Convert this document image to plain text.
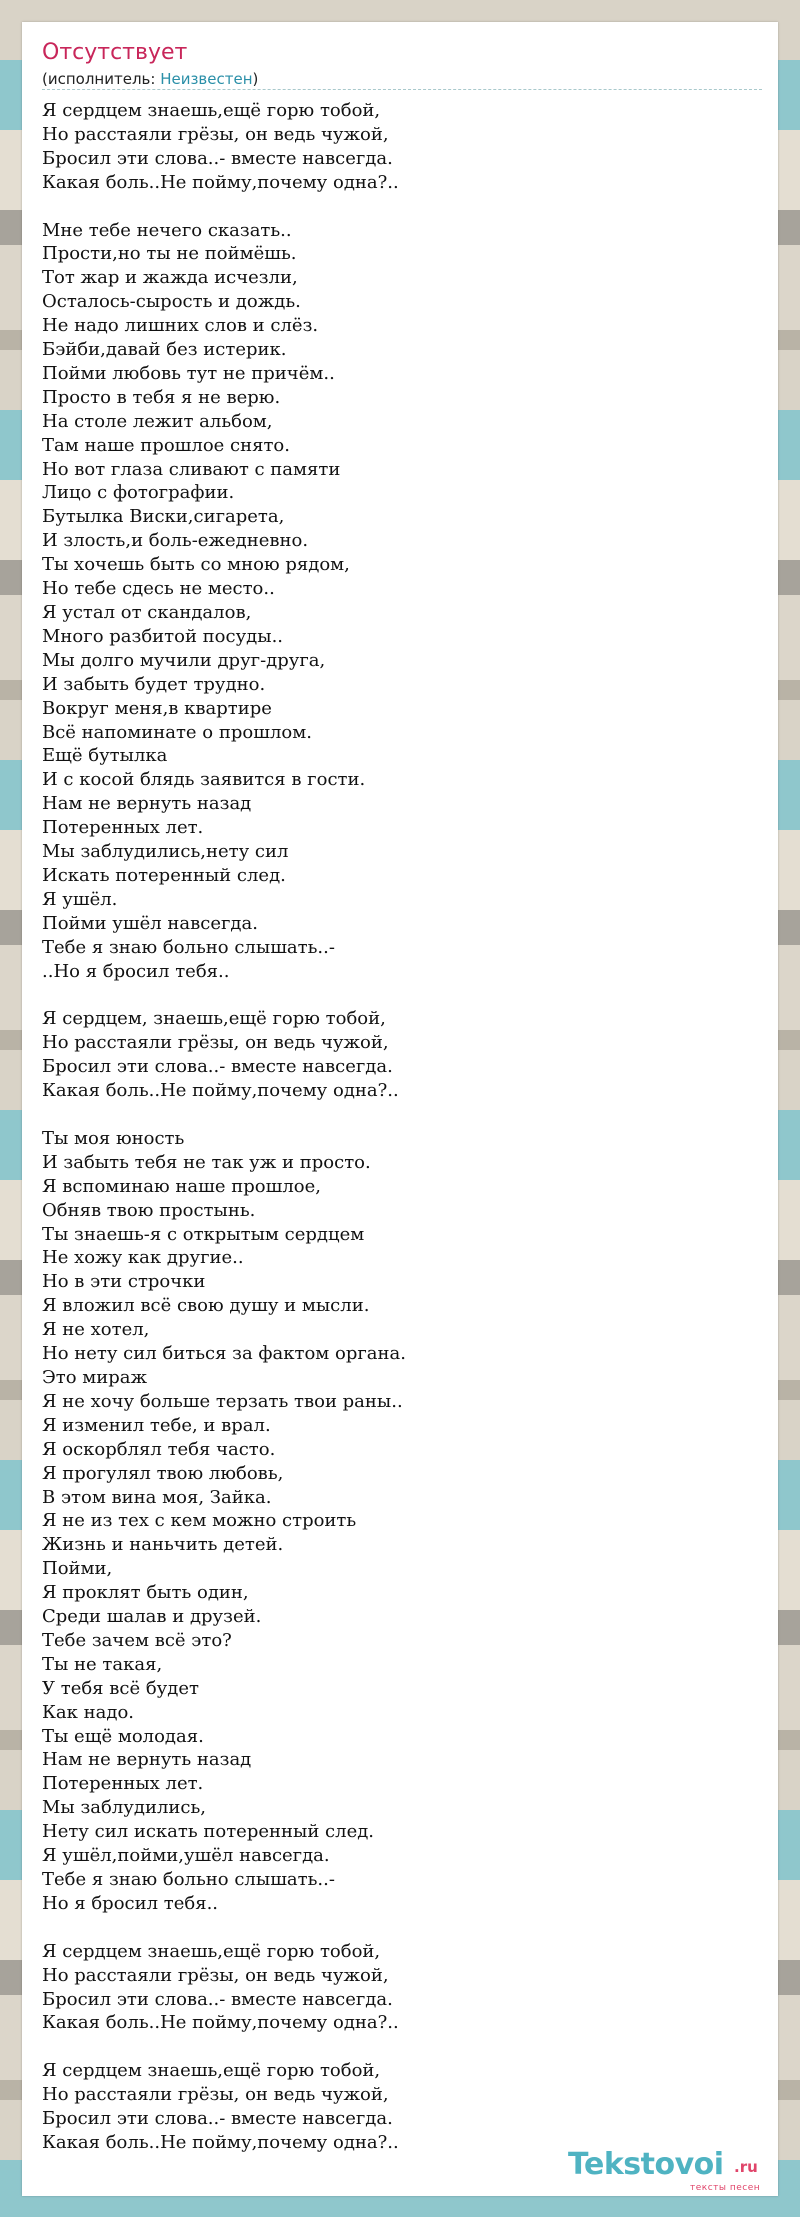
Отсутствует
(исполнитель: Неизвестен)
Я сердцем знаешь,ещё горю тобой,
Но расстаяли грёзы, он ведь чужой,
Бросил эти слова..- вместе навсегда.
Какая боль..Не пойму,почему одна?..
Мне тебе нечего сказать..
Прости,но ты не поймёшь.
Тот жар и жажда исчезли,
Осталось-сырость и дождь.
Не надо лишних слов и слёз.
Бэйби,давай без истерик.
Пойми любовь тут не причём..
Просто в тебя я не верю.
На столе лежит альбом,
Там наше прошлое снято.
Но вот глаза сливают с памяти
Лицо с фотографии.
Бутылка Виски,сигарета,
И злость,и боль-ежедневно.
Ты хочешь быть со мною рядом,
Но тебе сдесь не место..
Я устал от скандалов,
Много разбитой посуды..
Мы долго мучили друг-друга,
И забыть будет трудно.
Вокруг меня,в квартире
Всё напоминате о прошлом.
Ещё бутылка
И с косой блядь заявится в гости.
Нам не вернуть назад
Потеренных лет.
Мы заблудились,нету сил
Искать потеренный след.
Я ушёл.
Пойми ушёл навсегда.
Тебе я знаю больно слышать..-
..Но я бросил тебя..
Я сердцем, знаешь,ещё горю тобой,
Но расстаяли грёзы, он ведь чужой,
Бросил эти слова..- вместе навсегда.
Какая боль..Не пойму,почему одна?..
Ты моя юность
И забыть тебя не так уж и просто.
Я вспоминаю наше прошлое,
Обняв твою простынь.
Ты знаешь-я с открытым сердцем
Не хожу как другие..
Но в эти строчки
Я вложил всё свою душу и мысли.
Я не хотел,
Но нету сил биться за фактом органа.
Это мираж
Я не хочу больше терзать твои раны..
Я изменил тебе, и врал.
Я оскорблял тебя часто.
Я прогулял твою любовь,
В этом вина моя, Зайка.
Я не из тех с кем можно строить
Жизнь и наньчить детей.
Пойми,
Я проклят быть один,
Среди шалав и друзей.
Тебе зачем всё это?
Ты не такая,
У тебя всё будет
Как надо.
Ты ещё молодая.
Нам не вернуть назад
Потеренных лет.
Мы заблудились,
Нету сил искать потеренный след.
Я ушёл,пойми,ушёл навсегда.
Тебе я знаю больно слышать..-
Но я бросил тебя..
Я сердцем знаешь,ещё горю тобой,
Но расстаяли грёзы, он ведь чужой,
Бросил эти слова..- вместе навсегда.
Какая боль..Не пойму,почему одна?..
Я сердцем знаешь,ещё горю тобой,
Но расстаяли грёзы, он ведь чужой,
Бросил эти слова..- вместе навсегда.
Какая боль..Не пойму,почему одна?..
Tekstovoi .ru
тексты песен
